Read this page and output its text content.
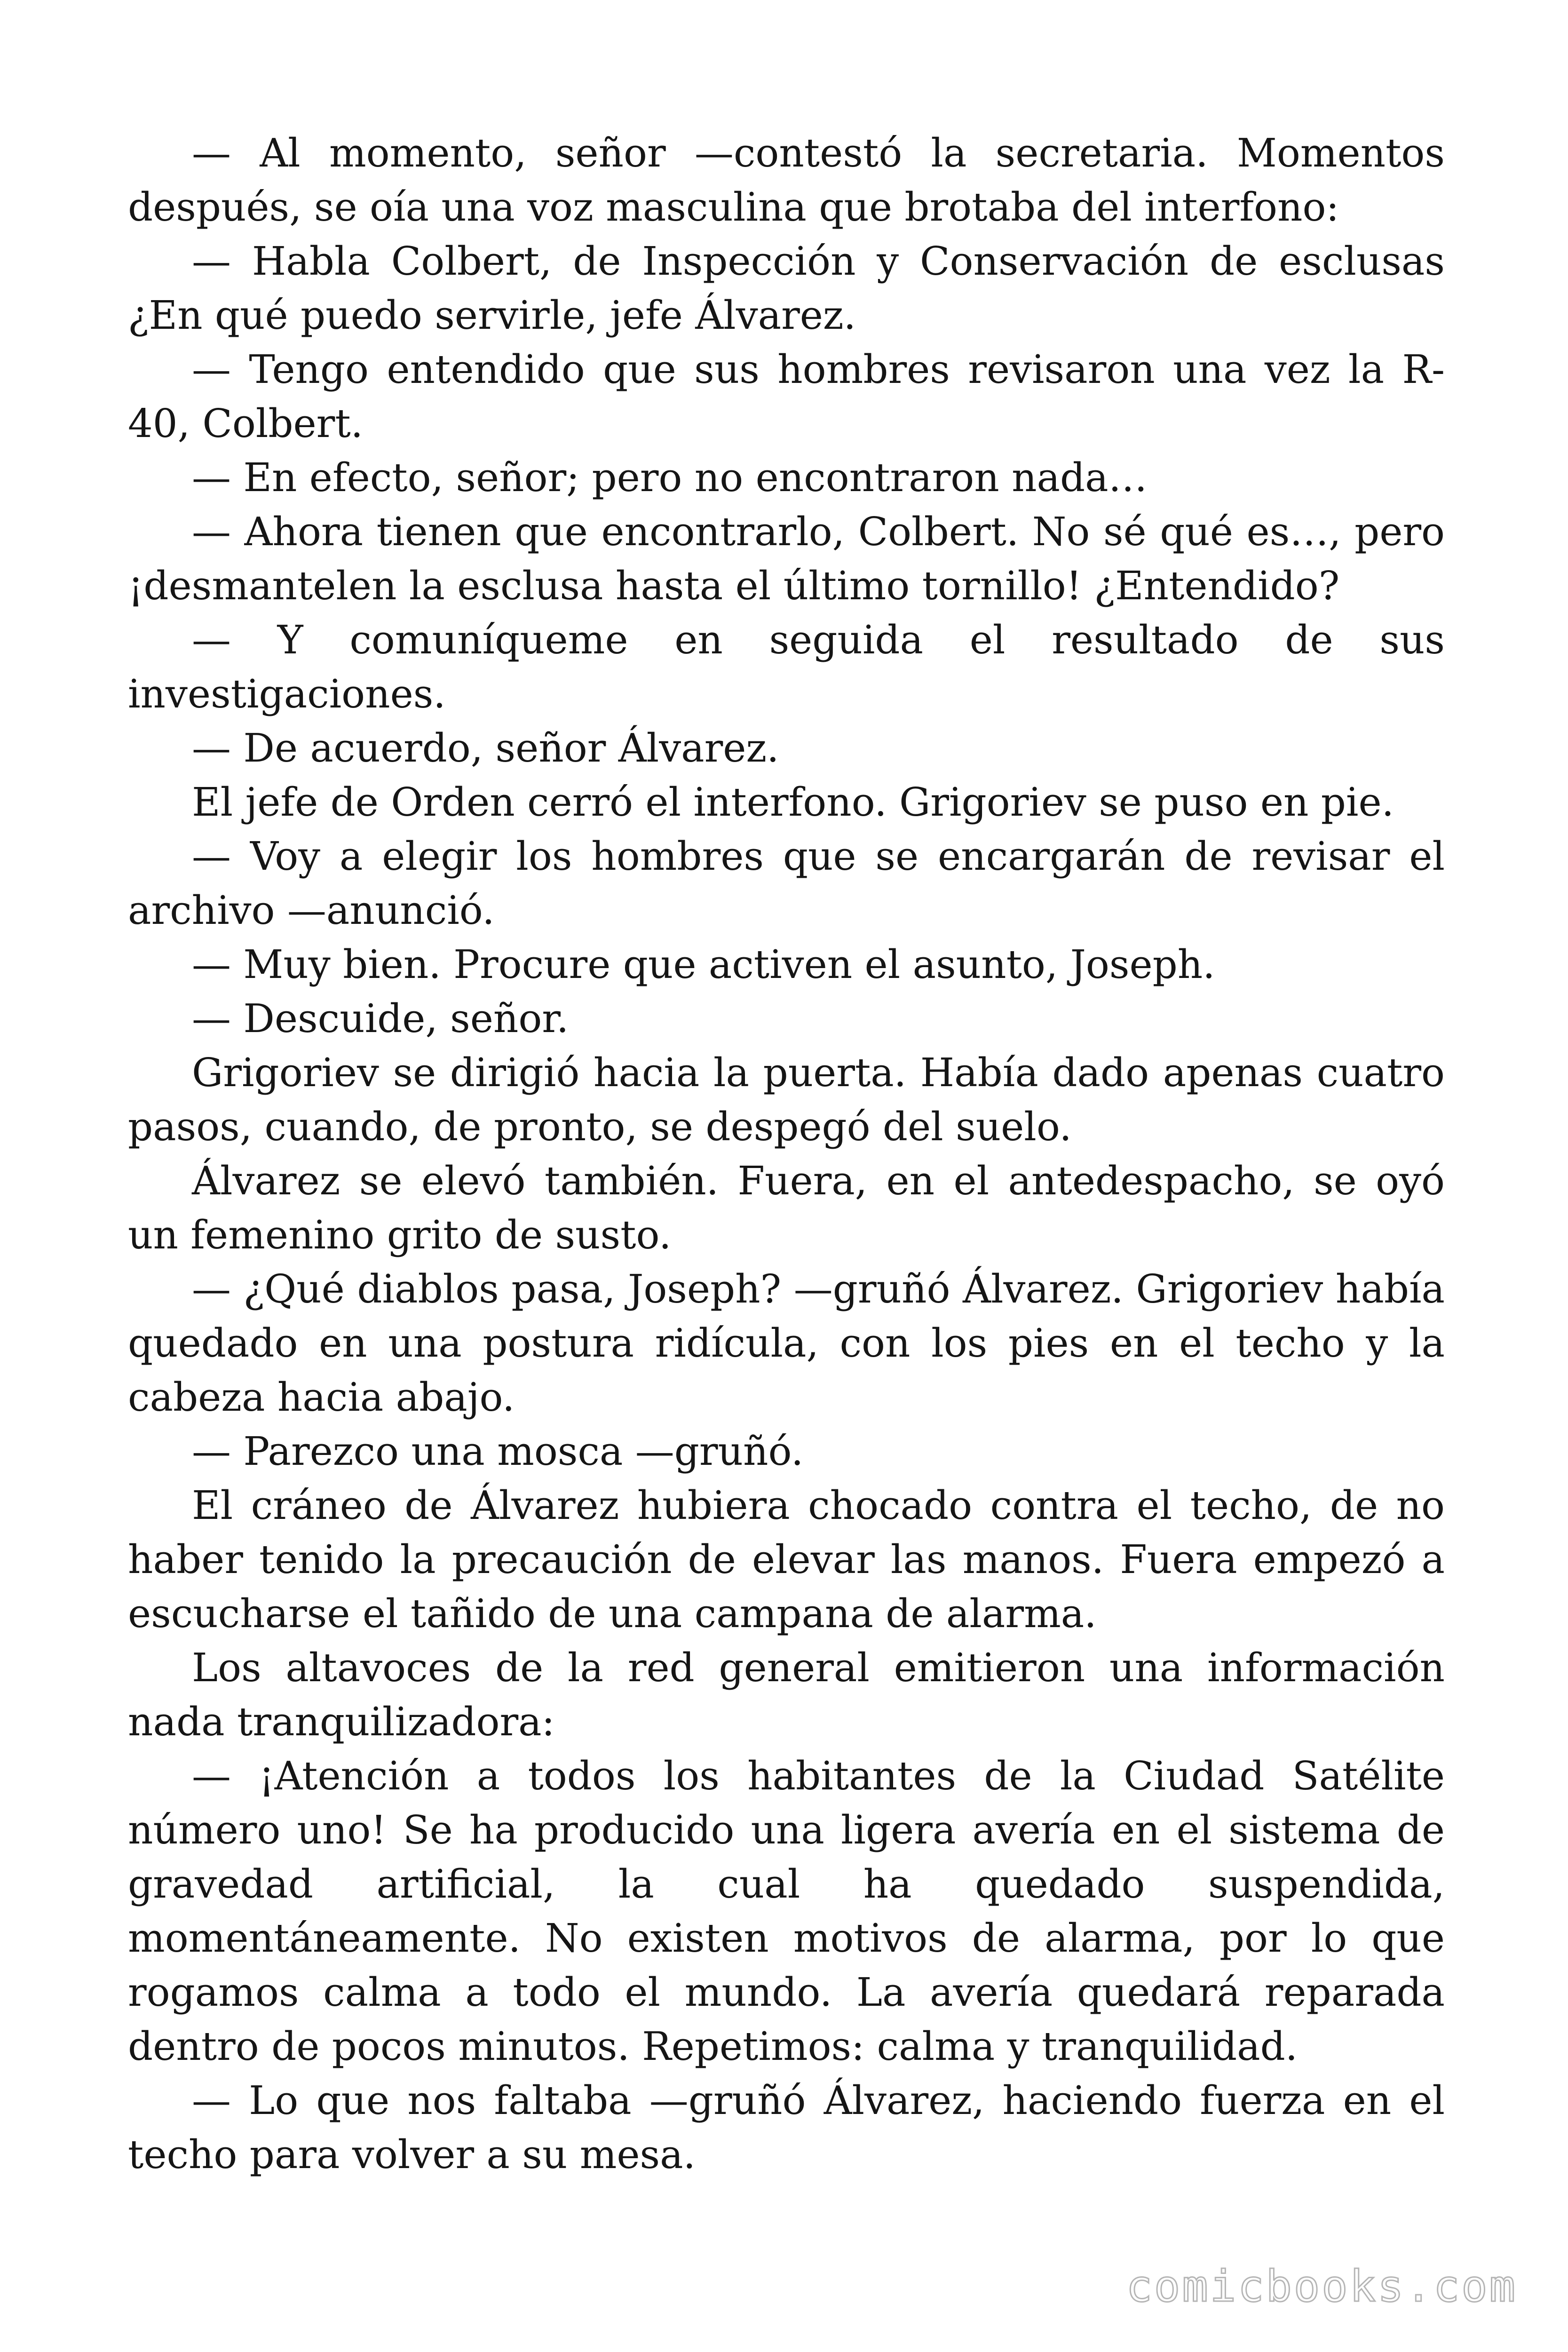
— Al momento, señor —contestó la secretaria. Momentos después, se oía una voz masculina que brotaba del interfono:

— Habla Colbert, de Inspección y Conservación de esclusas ¿En qué puedo servirle, jefe Álvarez.

— Tengo entendido que sus hombres revisaron una vez la R-40, Colbert.

— En efecto, señor; pero no encontraron nada…

— Ahora tienen que encontrarlo, Colbert. No sé qué es…, pero ¡desmantelen la esclusa hasta el último tornillo! ¿Entendido?

— Y comuníqueme en seguida el resultado de sus investigaciones.

— De acuerdo, señor Álvarez.

El jefe de Orden cerró el interfono. Grigoriev se puso en pie.

— Voy a elegir los hombres que se encargarán de revisar el archivo —anunció.

— Muy bien. Procure que activen el asunto, Joseph.

— Descuide, señor.

Grigoriev se dirigió hacia la puerta. Había dado apenas cuatro pasos, cuando, de pronto, se despegó del suelo.

Álvarez se elevó también. Fuera, en el antedespacho, se oyó un femenino grito de susto.

— ¿Qué diablos pasa, Joseph? —gruñó Álvarez. Grigoriev había quedado en una postura ridícula, con los pies en el techo y la cabeza hacia abajo.

— Parezco una mosca —gruñó.

El cráneo de Álvarez hubiera chocado contra el techo, de no haber tenido la precaución de elevar las manos. Fuera empezó a escucharse el tañido de una campana de alarma.

Los altavoces de la red general emitieron una información nada tranquilizadora:

— ¡Atención a todos los habitantes de la Ciudad Satélite número uno! Se ha producido una ligera avería en el sistema de gravedad artificial, la cual ha quedado suspendida, momentáneamente. No existen motivos de alarma, por lo que rogamos calma a todo el mundo. La avería quedará reparada dentro de pocos minutos. Repetimos: calma y tranquilidad.

— Lo que nos faltaba —gruñó Álvarez, haciendo fuerza en el techo para volver a su mesa.

comicbooks.com
